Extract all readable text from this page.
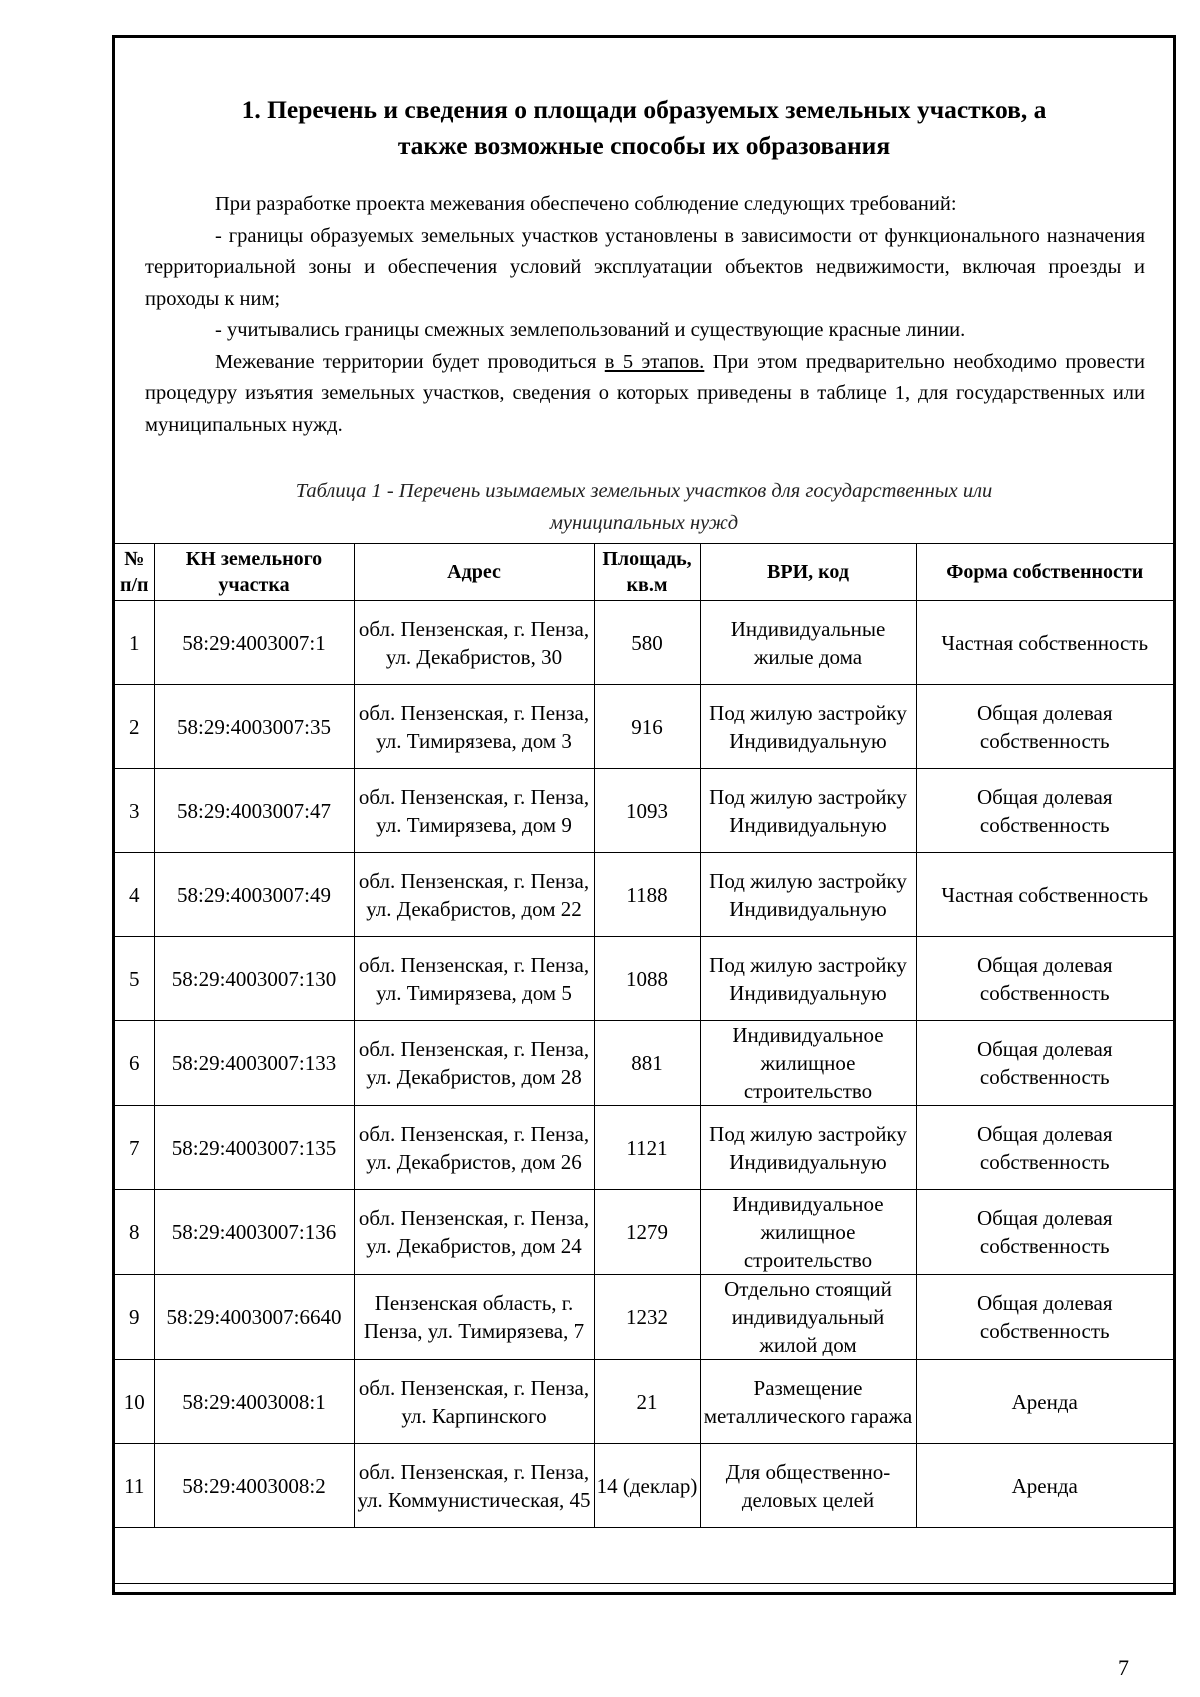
1. Перечень и сведения о площади образуемых земельных участков, а
также возможные способы их образования

При разработке проекта межевания обеспечено соблюдение следующих требований:

- границы образуемых земельных участков установлены в зависимости от функционального назначения территориальной зоны и обеспечения условий эксплуатации объектов недвижимости, включая проезды и проходы к ним;

- учитывались границы смежных землепользований и существующие красные линии.

Межевание территории будет проводиться в 5 этапов. При этом предварительно необходимо провести процедуру изъятия земельных участков, сведения о которых приведены в таблице 1, для государственных или муниципальных нужд.

Таблица 1 - Перечень изымаемых земельных участков для государственных или
муниципальных нужд
№ п/п	КН земельного участка	Адрес	Площадь, кв.м	ВРИ, код	Форма собственности
1	58:29:4003007:1	обл. Пензенская, г. Пенза, ул. Декабристов, 30	580	Индивидуальные жилые дома	Частная собственность
2	58:29:4003007:35	обл. Пензенская, г. Пенза, ул. Тимирязева, дом 3	916	Под жилую застройку Индивидуальную	Общая долевая собственность
3	58:29:4003007:47	обл. Пензенская, г. Пенза, ул. Тимирязева, дом 9	1093	Под жилую застройку Индивидуальную	Общая долевая собственность
4	58:29:4003007:49	обл. Пензенская, г. Пенза, ул. Декабристов, дом 22	1188	Под жилую застройку Индивидуальную	Частная собственность
5	58:29:4003007:130	обл. Пензенская, г. Пенза, ул. Тимирязева, дом 5	1088	Под жилую застройку Индивидуальную	Общая долевая собственность
6	58:29:4003007:133	обл. Пензенская, г. Пенза, ул. Декабристов, дом 28	881	Индивидуальное жилищное строительство	Общая долевая собственность
7	58:29:4003007:135	обл. Пензенская, г. Пенза, ул. Декабристов, дом 26	1121	Под жилую застройку Индивидуальную	Общая долевая собственность
8	58:29:4003007:136	обл. Пензенская, г. Пенза, ул. Декабристов, дом 24	1279	Индивидуальное жилищное строительство	Общая долевая собственность
9	58:29:4003007:6640	Пензенская область, г. Пенза, ул. Тимирязева, 7	1232	Отдельно стоящий индивидуальный жилой дом	Общая долевая собственность
10	58:29:4003008:1	обл. Пензенская, г. Пенза, ул. Карпинского	21	Размещение металлического гаража	Аренда
11	58:29:4003008:2	обл. Пензенская, г. Пенза, ул. Коммунистическая, 45	14 (деклар)	Для общественно-деловых целей	Аренда

7
